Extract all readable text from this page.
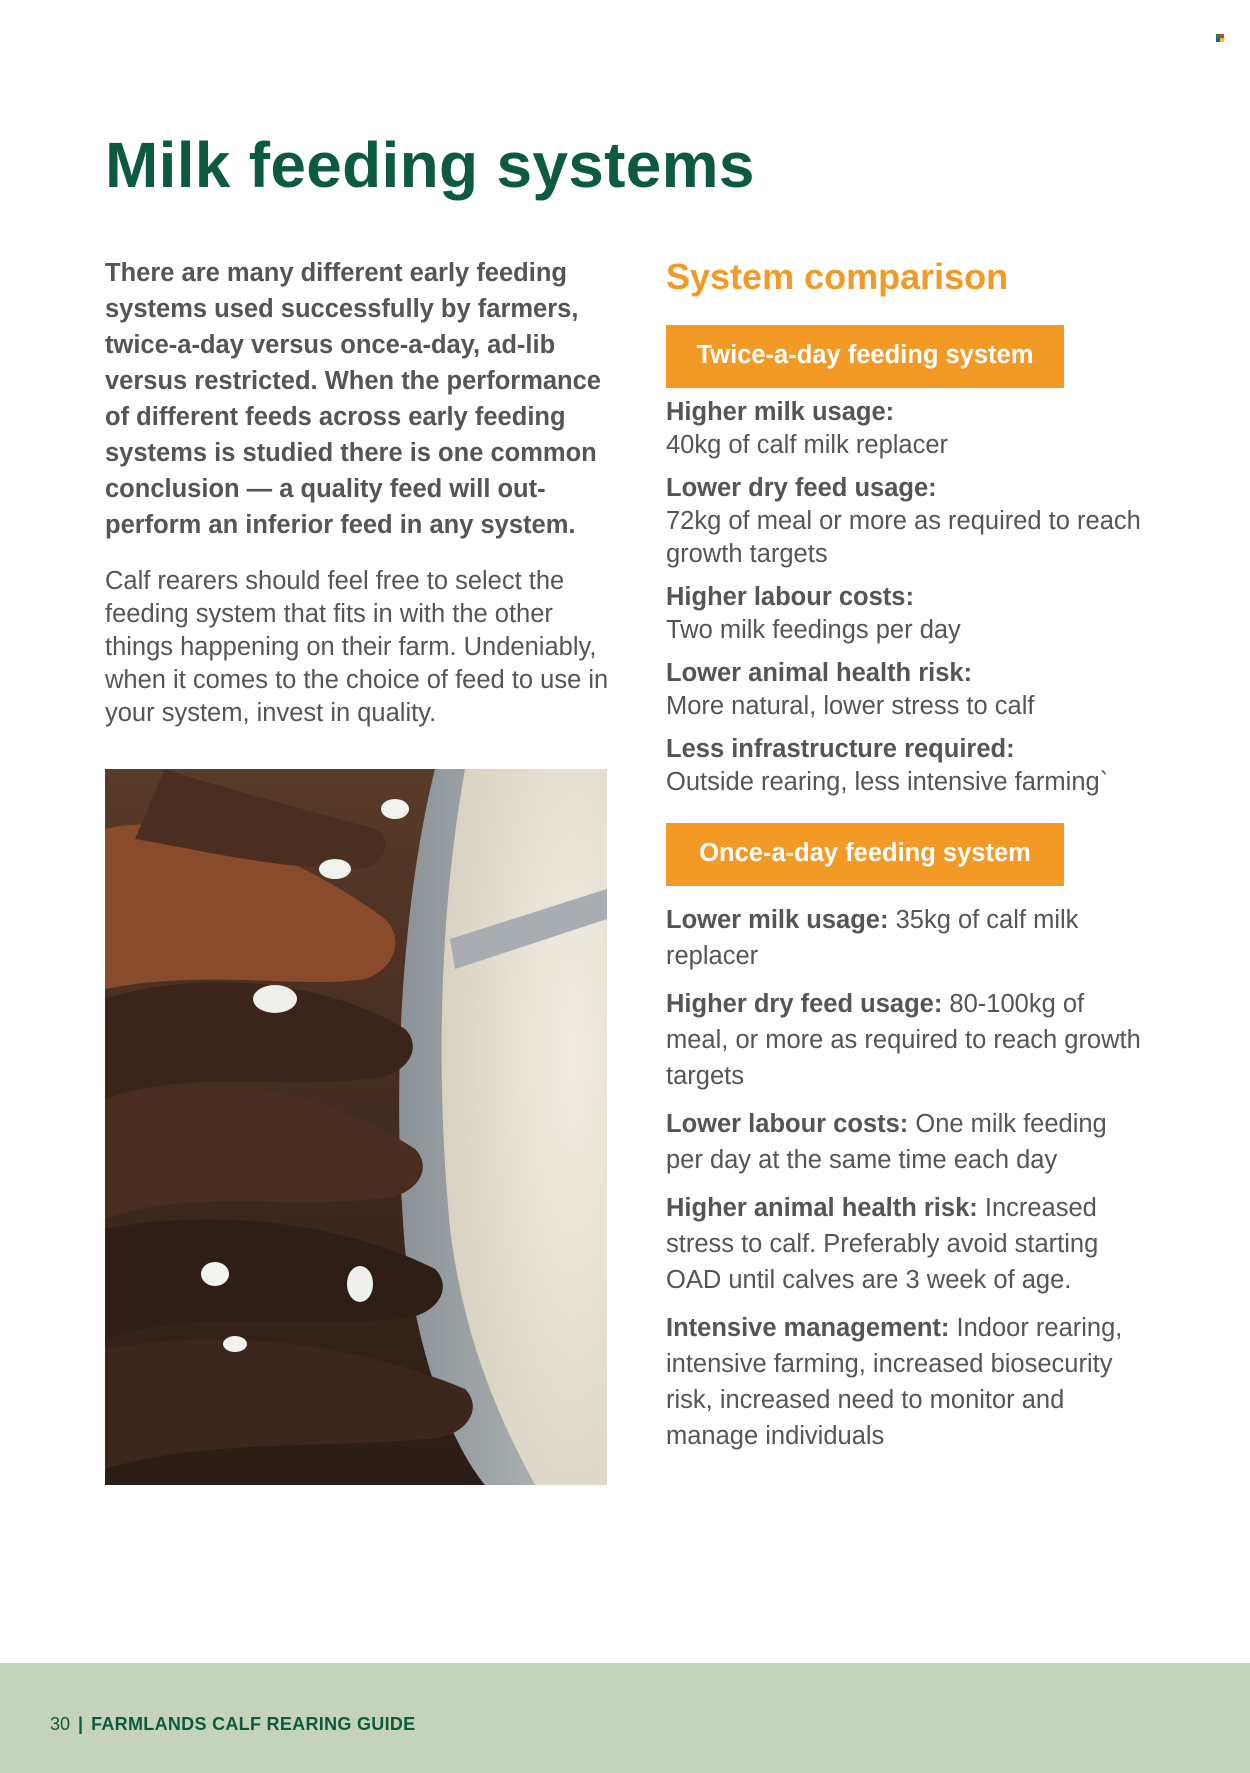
Milk feeding systems

There are many different early feeding systems used successfully by farmers, twice-a-day versus once-a-day, ad-lib versus restricted. When the performance of different feeds across early feeding systems is studied there is one common conclusion — a quality feed will out-perform an inferior feed in any system.

Calf rearers should feel free to select the feeding system that fits in with the other things happening on their farm. Undeniably, when it comes to the choice of feed to use in your system, invest in quality.

System comparison
Twice-a-day feeding system
Higher milk usage:
40kg of calf milk replacer
Lower dry feed usage:
72kg of meal or more as required to reach growth targets
Higher labour costs:
Two milk feedings per day
Lower animal health risk:
More natural, lower stress to calf
Less infrastructure required:
Outside rearing, less intensive farming`
Once-a-day feeding system

Lower milk usage: 35kg of calf milk replacer

Higher dry feed usage: 80-100kg of meal, or more as required to reach growth targets

Lower labour costs: One milk feeding per day at the same time each day

Higher animal health risk: Increased stress to calf. Preferably avoid starting OAD until calves are 3 week of age.

Intensive management: Indoor rearing, intensive farming, increased biosecurity risk, increased need to monitor and manage individuals

30 | FARMLANDS CALF REARING GUIDE
